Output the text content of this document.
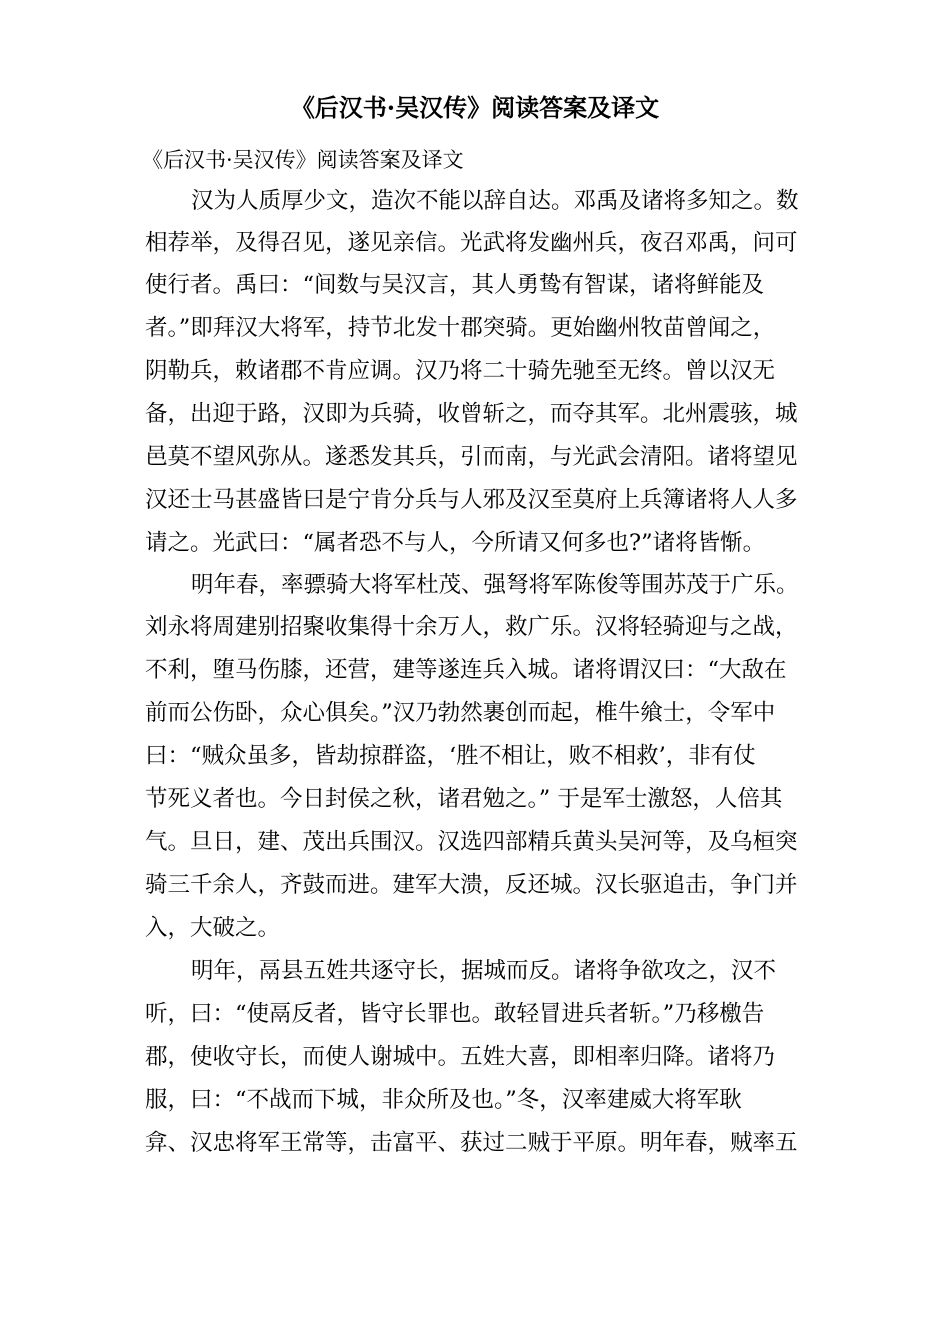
《后汉书·吴汉传》阅读答案及译文
《后汉书·吴汉传》阅读答案及译文
汉为人质厚少文，造次不能以辞自达。邓禹及诸将多知之。数
相荐举，及得召见，遂见亲信。光武将发幽州兵，夜召邓禹，问可
使行者。禹曰：“间数与吴汉言，其人勇鸷有智谋，诸将鲜能及
者。”即拜汉大将军，持节北发十郡突骑。更始幽州牧苗曾闻之，
阴勒兵，敕诸郡不肯应调。汉乃将二十骑先驰至无终。曾以汉无
备，出迎于路，汉即为兵骑，收曾斩之，而夺其军。北州震骇，城
邑莫不望风弥从。遂悉发其兵，引而南，与光武会清阳。诸将望见
汉还士马甚盛皆曰是宁肯分兵与人邪及汉至莫府上兵簿诸将人人多
请之。光武曰：“属者恐不与人，今所请又何多也?”诸将皆惭。
明年春，率骠骑大将军杜茂、强弩将军陈俊等围苏茂于广乐。
刘永将周建别招聚收集得十余万人，救广乐。汉将轻骑迎与之战，
不利，堕马伤膝，还营，建等遂连兵入城。诸将谓汉曰：“大敌在
前而公伤卧，众心俱矣。”汉乃勃然裹创而起，椎牛飨士，令军中
曰：“贼众虽多，皆劫掠群盗，‘胜不相让，败不相救’，非有仗
节死义者也。今日封侯之秋，诸君勉之。” 于是军士激怒，人倍其
气。旦日，建、茂出兵围汉。汉选四部精兵黄头吴河等，及乌桓突
骑三千余人，齐鼓而进。建军大溃，反还城。汉长驱追击，争门并
入，大破之。
明年，鬲县五姓共逐守长，据城而反。诸将争欲攻之，汉不
听，曰：“使鬲反者，皆守长罪也。敢轻冒进兵者斩。”乃移檄告
郡，使收守长，而使人谢城中。五姓大喜，即相率归降。诸将乃
服，曰：“不战而下城，非众所及也。”冬，汉率建威大将军耿
弇、汉忠将军王常等，击富平、获过二贼于平原。明年春，贼率五
